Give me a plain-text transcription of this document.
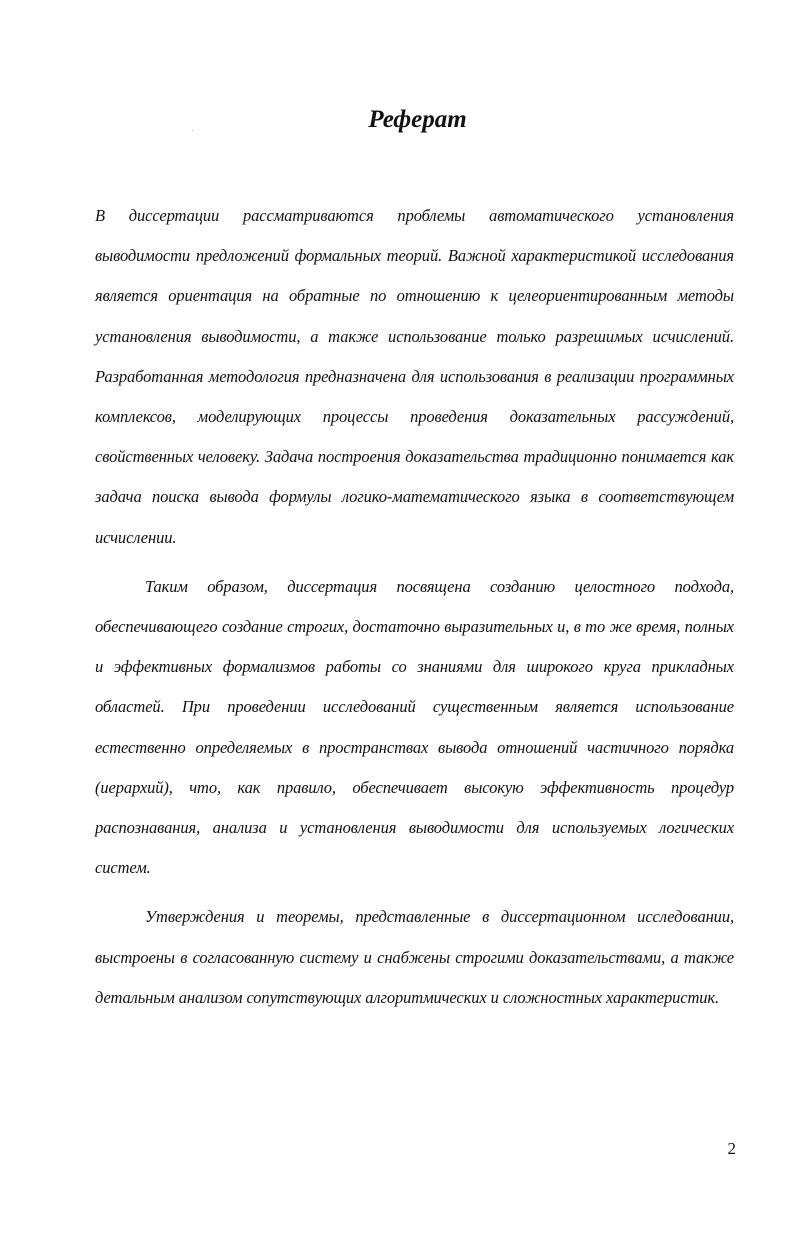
Реферат

В диссертации рассматриваются проблемы автоматического установления выводимости предложений формальных теорий. Важной характеристикой исследования является ориентация на обратные по отношению к целеориентированным методы установления выводимости, а также использование только разрешимых исчислений. Разработанная методология предназначена для использования в реализации программных комплексов, моделирующих процессы проведения доказательных рассуждений, свойственных человеку. Задача построения доказательства традиционно понимается как задача поиска вывода формулы логико-математического языка в соответствующем исчислении.

Таким образом, диссертация посвящена созданию целостного подхода, обеспечивающего создание строгих, достаточно выразительных и, в то же время, полных и эффективных формализмов работы со знаниями для широкого круга прикладных областей. При проведении исследований существенным является использование естественно определяемых в пространствах вывода отношений частичного порядка (иерархий), что, как правило, обеспечивает высокую эффективность процедур распознавания, анализа и установления выводимости для используемых логических систем.

Утверждения и теоремы, представленные в диссертационном исследовании, выстроены в согласованную систему и снабжены строгими доказательствами, а также детальным анализом сопутствующих алгоритмических и сложностных характеристик.

2
